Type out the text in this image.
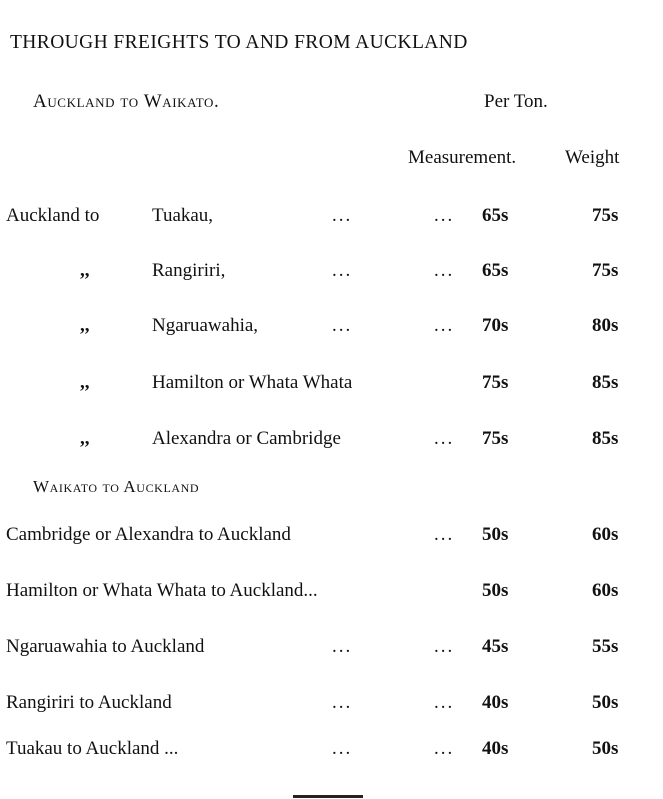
THROUGH FREIGHTS TO AND FROM AUCKLAND
Auckland to Waikato.	Per Ton.
Measurement.	Weight
Auckland to	Tuakau,	...	... 65s	75s
,,	Rangiriri,	...	... 65s	75s
,,	Ngaruawahia,	...	... 70s	80s
,,	Hamilton or Whata Whata	75s	85s
,,	Alexandra or Cambridge	... 75s	85s
Waikato to Auckland
Cambridge or Alexandra to Auckland	... 50s	60s
Hamilton or Whata Whata to Auckland...	50s	60s
Ngaruawahia to Auckland	...	... 45s	55s
Rangiriri to Auckland	...	... 40s	50s
Tuakau to Auckland ...	...	... 40s	50s
